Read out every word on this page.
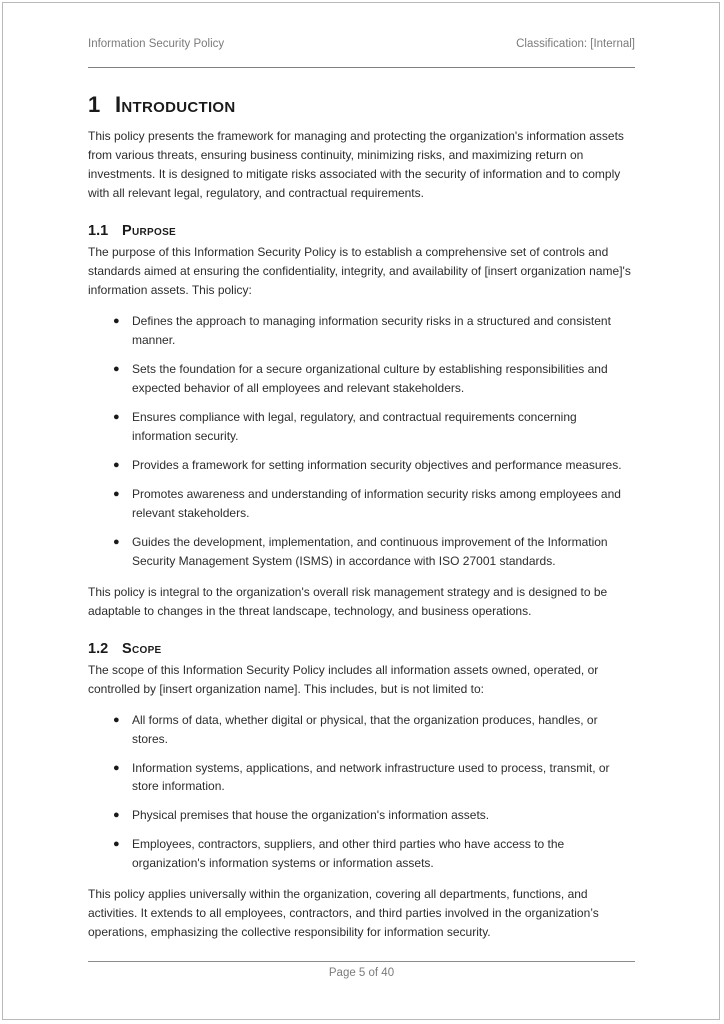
Information Security Policy	Classification: [Internal]
1 Introduction

This policy presents the framework for managing and protecting the organization's information assets from various threats, ensuring business continuity, minimizing risks, and maximizing return on investments. It is designed to mitigate risks associated with the security of information and to comply with all relevant legal, regulatory, and contractual requirements.

1.1 Purpose

The purpose of this Information Security Policy is to establish a comprehensive set of controls and standards aimed at ensuring the confidentiality, integrity, and availability of [insert organization name]'s information assets. This policy:

● Defines the approach to managing information security risks in a structured and consistent manner.
● Sets the foundation for a secure organizational culture by establishing responsibilities and expected behavior of all employees and relevant stakeholders.
● Ensures compliance with legal, regulatory, and contractual requirements concerning information security.
● Provides a framework for setting information security objectives and performance measures.
● Promotes awareness and understanding of information security risks among employees and relevant stakeholders.
● Guides the development, implementation, and continuous improvement of the Information Security Management System (ISMS) in accordance with ISO 27001 standards.

This policy is integral to the organization's overall risk management strategy and is designed to be adaptable to changes in the threat landscape, technology, and business operations.

1.2 Scope

The scope of this Information Security Policy includes all information assets owned, operated, or controlled by [insert organization name]. This includes, but is not limited to:

● All forms of data, whether digital or physical, that the organization produces, handles, or stores.
● Information systems, applications, and network infrastructure used to process, transmit, or store information.
● Physical premises that house the organization's information assets.
● Employees, contractors, suppliers, and other third parties who have access to the organization's information systems or information assets.

This policy applies universally within the organization, covering all departments, functions, and activities. It extends to all employees, contractors, and third parties involved in the organization’s operations, emphasizing the collective responsibility for information security.

Page 5 of 40
